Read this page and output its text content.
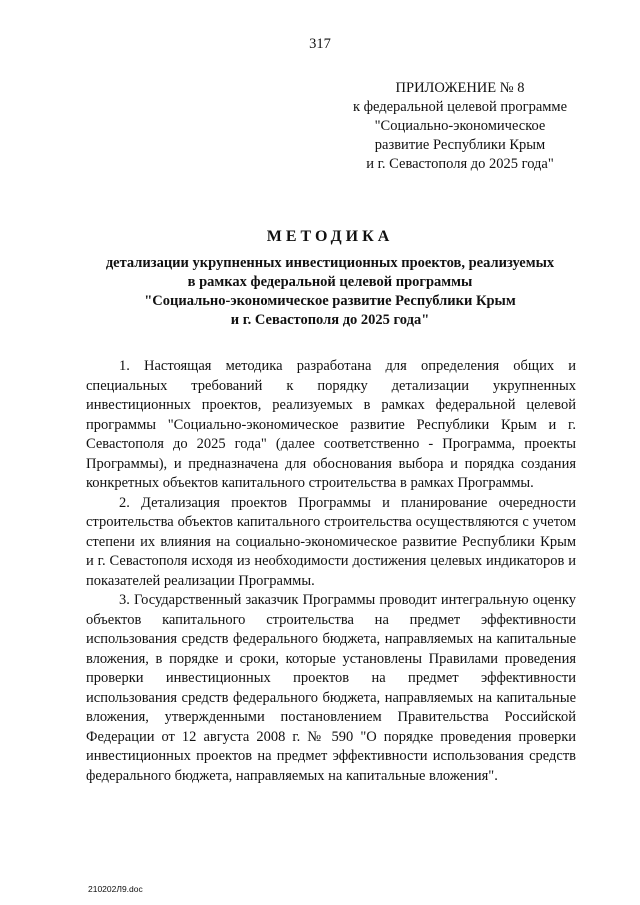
317
ПРИЛОЖЕНИЕ № 8
к федеральной целевой программе
"Социально-экономическое
развитие Республики Крым
и г. Севастополя до 2025 года"
МЕТОДИКА
детализации укрупненных инвестиционных проектов, реализуемых
в рамках федеральной целевой программы
"Социально-экономическое развитие Республики Крым
и г. Севастополя до 2025 года"

1. Настоящая методика разработана для определения общих и специальных требований к порядку детализации укрупненных инвестиционных проектов, реализуемых в рамках федеральной целевой программы "Социально-экономическое развитие Республики Крым и г. Севастополя до 2025 года" (далее соответственно - Программа, проекты Программы), и предназначена для обоснования выбора и порядка создания конкретных объектов капитального строительства в рамках Программы.

2. Детализация проектов Программы и планирование очередности строительства объектов капитального строительства осуществляются с учетом степени их влияния на социально-экономическое развитие Республики Крым и г. Севастополя исходя из необходимости достижения целевых индикаторов и показателей реализации Программы.

3. Государственный заказчик Программы проводит интегральную оценку объектов капитального строительства на предмет эффективности использования средств федерального бюджета, направляемых на капитальные вложения, в порядке и сроки, которые установлены Правилами проведения проверки инвестиционных проектов на предмет эффективности использования средств федерального бюджета, направляемых на капитальные вложения, утвержденными постановлением Правительства Российской Федерации от 12 августа 2008 г. № 590 "О порядке проведения проверки инвестиционных проектов на предмет эффективности использования средств федерального бюджета, направляемых на капитальные вложения".

210202Л9.doc
